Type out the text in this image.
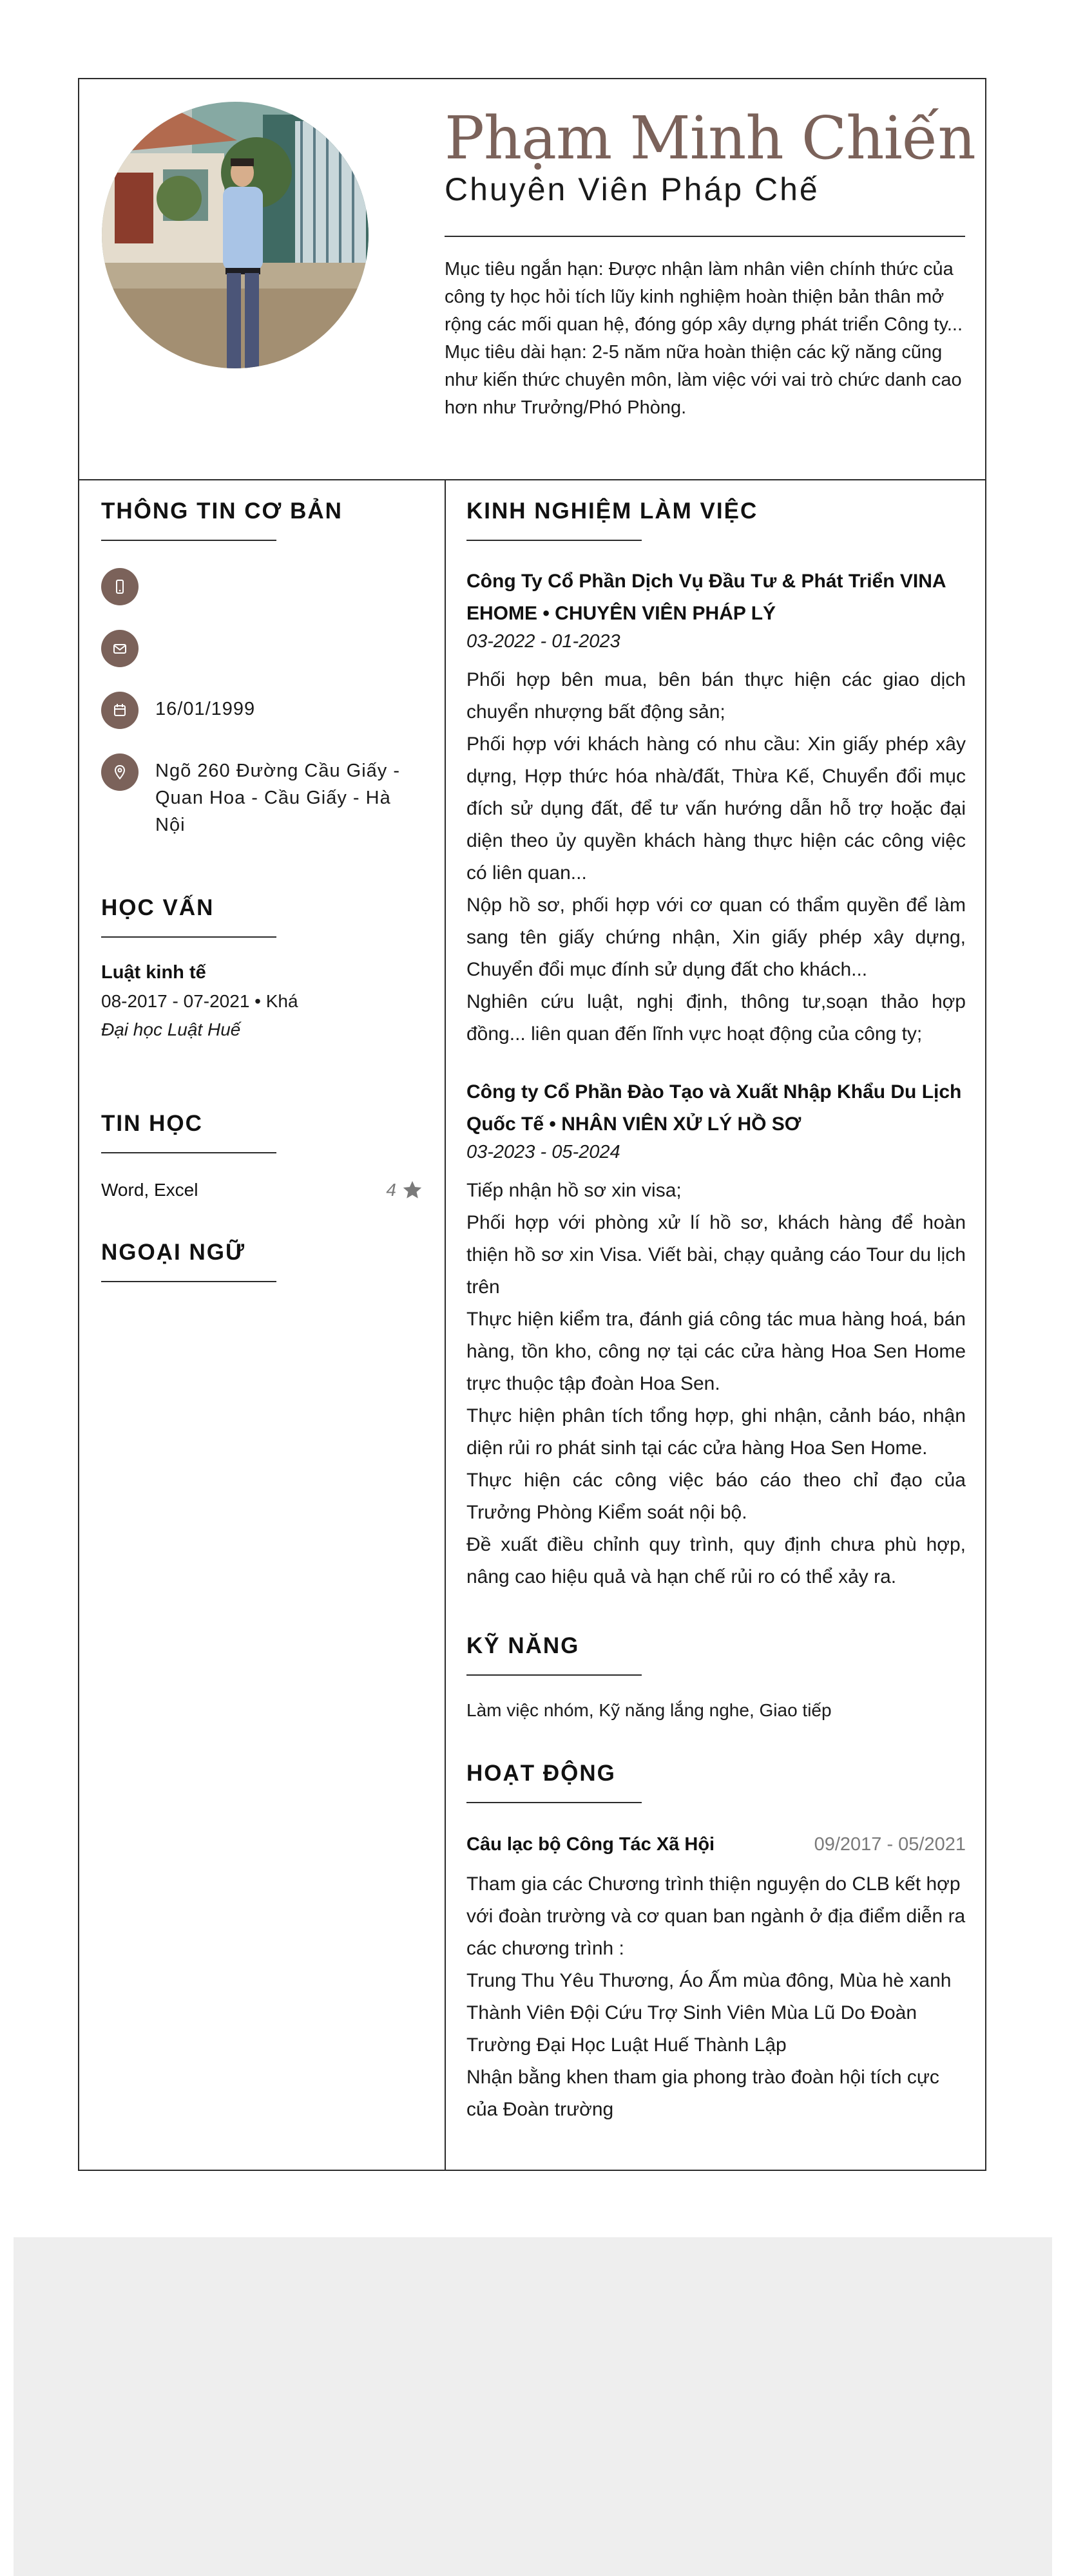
Phạm Minh Chiến
Chuyên Viên Pháp Chế

Mục tiêu ngắn hạn: Được nhận làm nhân viên chính thức của công ty học hỏi tích lũy kinh nghiệm hoàn thiện bản thân mở rộng các mối quan hệ, đóng góp xây dựng phát triển Công ty...

Mục tiêu dài hạn: 2-5 năm nữa hoàn thiện các kỹ năng cũng như kiến thức chuyên môn, làm việc với vai trò chức danh cao hơn như Trưởng/Phó Phòng.

THÔNG TIN CƠ BẢN
16/01/1999
Ngõ 260 Đường Cầu Giấy - Quan Hoa - Cầu Giấy - Hà Nội
HỌC VẤN
Luật kinh tế
08-2017 - 07-2021 • Khá
Đại học Luật Huế
TIN HỌC
Word, Excel	4
NGOẠI NGỮ
KINH NGHIỆM LÀM VIỆC
Công Ty Cổ Phần Dịch Vụ Đầu Tư & Phát Triển VINA EHOME • CHUYÊN VIÊN PHÁP LÝ
03-2022 - 01-2023

Phối hợp bên mua, bên bán thực hiện các giao dịch chuyển nhượng bất động sản;

Phối hợp với khách hàng có nhu cầu: Xin giấy phép xây dựng, Hợp thức hóa nhà/đất, Thừa Kế, Chuyển đổi mục đích sử dụng đất, để tư vấn hướng dẫn hỗ trợ hoặc đại diện theo ủy quyền khách hàng thực hiện các công việc có liên quan...

Nộp hồ sơ, phối hợp với cơ quan có thẩm quyền để làm sang tên giấy chứng nhận, Xin giấy phép xây dựng, Chuyển đổi mục đính sử dụng đất cho khách...

Nghiên cứu luật, nghị định, thông tư,soạn thảo hợp đồng... liên quan đến lĩnh vực hoạt động của công ty;

Công ty Cổ Phần Đào Tạo và Xuất Nhập Khẩu Du Lịch Quốc Tế • NHÂN VIÊN XỬ LÝ HỒ SƠ
03-2023 - 05-2024

Tiếp nhận hồ sơ xin visa;

Phối hợp với phòng xử lí hồ sơ, khách hàng để hoàn thiện hồ sơ xin Visa. Viết bài, chạy quảng cáo Tour du lịch trên

Thực hiện kiểm tra, đánh giá công tác mua hàng hoá, bán hàng, tồn kho, công nợ tại các cửa hàng Hoa Sen Home trực thuộc tập đoàn Hoa Sen.

Thực hiện phân tích tổng hợp, ghi nhận, cảnh báo, nhận diện rủi ro phát sinh tại các cửa hàng Hoa Sen Home.

Thực hiện các công việc báo cáo theo chỉ đạo của Trưởng Phòng Kiểm soát nội bộ.

Đề xuất điều chỉnh quy trình, quy định chưa phù hợp, nâng cao hiệu quả và hạn chế rủi ro có thể xảy ra.

KỸ NĂNG
Làm việc nhóm, Kỹ năng lắng nghe, Giao tiếp
HOẠT ĐỘNG
Câu lạc bộ Công Tác Xã Hội	09/2017 - 05/2021

Tham gia các Chương trình thiện nguyện do CLB kết hợp với đoàn trường và cơ quan ban ngành ở địa điểm diễn ra các chương trình :

Trung Thu Yêu Thương, Áo Ấm mùa đông, Mùa hè xanh

Thành Viên Đội Cứu Trợ Sinh Viên Mùa Lũ Do Đoàn Trường Đại Học Luật Huế Thành Lập

Nhận bằng khen tham gia phong trào đoàn hội tích cực của Đoàn trường
